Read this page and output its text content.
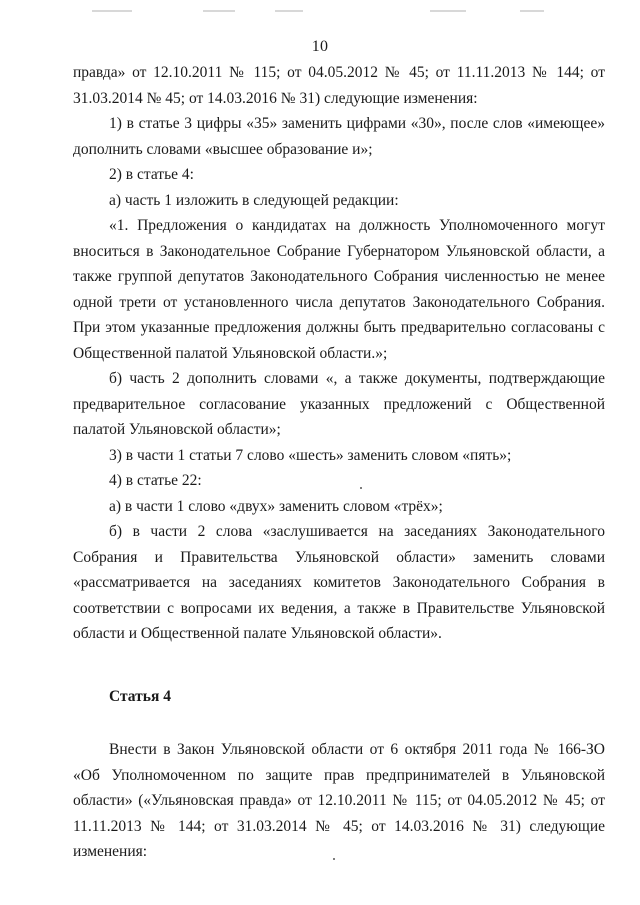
10

правда» от 12.10.2011 № 115; от 04.05.2012 № 45; от 11.11.2013 № 144; от 31.03.2014 № 45; от 14.03.2016 № 31) следующие изменения:

1) в статье 3 цифры «35» заменить цифрами «30», после слов «имеющее» дополнить словами «высшее образование и»;

2) в статье 4:

а) часть 1 изложить в следующей редакции:

«1. Предложения о кандидатах на должность Уполномоченного могут вноситься в Законодательное Собрание Губернатором Ульяновской области, а также группой депутатов Законодательного Собрания численностью не менее одной трети от установленного числа депутатов Законодательного Собрания. При этом указанные предложения должны быть предварительно согласованы с Общественной палатой Ульяновской области.»;

б) часть 2 дополнить словами «, а также документы, подтверждающие предварительное согласование указанных предложений с Общественной палатой Ульяновской области»;

3) в части 1 статьи 7 слово «шесть» заменить словом «пять»;

4) в статье 22:

а) в части 1 слово «двух» заменить словом «трёх»;

б) в части 2 слова «заслушивается на заседаниях Законодательного Собрания и Правительства Ульяновской области» заменить словами «рассматривается на заседаниях комитетов Законодательного Собрания в соответствии с вопросами их ведения, а также в Правительстве Ульяновской области и Общественной палате Ульяновской области».

Статья 4

Внести в Закон Ульяновской области от 6 октября 2011 года № 166-ЗО «Об Уполномоченном по защите прав предпринимателей в Ульяновской области» («Ульяновская правда» от 12.10.2011 № 115; от 04.05.2012 № 45; от 11.11.2013 № 144; от 31.03.2014 № 45; от 14.03.2016 № 31) следующие изменения:
